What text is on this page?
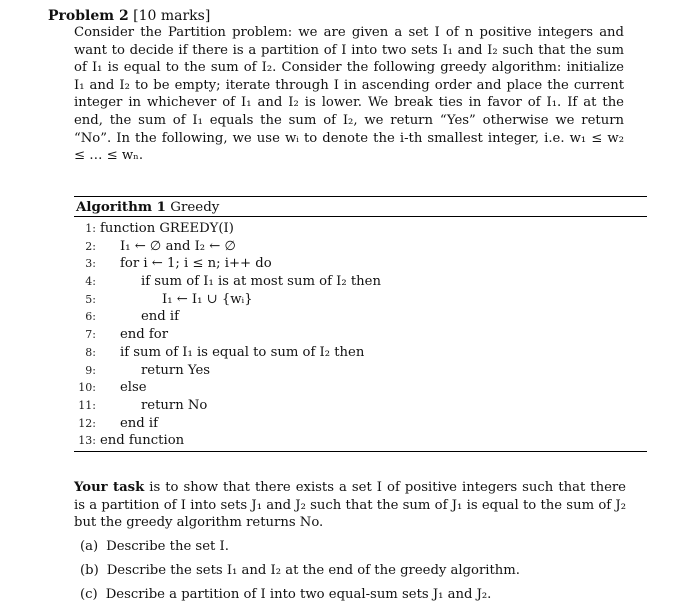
Problem 2 [10 marks]
Consider the Partition problem: we are given a set I of n positive integers and want to decide if there is a partition of I into two sets I₁ and I₂ such that the sum of I₁ is equal to the sum of I₂. Consider the following greedy algorithm: initialize I₁ and I₂ to be empty; iterate through I in ascending order and place the current integer in whichever of I₁ and I₂ is lower. We break ties in favor of I₁. If at the end, the sum of I₁ equals the sum of I₂, we return “Yes” otherwise we return “No”. In the following, we use wᵢ to denote the i-th smallest integer, i.e. w₁ ≤ w₂ ≤ … ≤ wₙ.
Algorithm 1 Greedy
1: function GREEDY(I)
2: I₁ ← ∅ and I₂ ← ∅
3: for i ← 1; i ≤ n; i++ do
4:	if sum of I₁ is at most sum of I₂ then
5:	I₁ ← I₁ ∪ {wᵢ}
6:	end if
7: end for
8: if sum of I₁ is equal to sum of I₂ then
9:	return Yes
10: else
11:	return No
12: end if
13: end function
Your task is to show that there exists a set I of positive integers such that there is a partition of I into sets J₁ and J₂ such that the sum of J₁ is equal to the sum of J₂ but the greedy algorithm returns No.
(a) Describe the set I.
(b) Describe the sets I₁ and I₂ at the end of the greedy algorithm.
(c) Describe a partition of I into two equal-sum sets J₁ and J₂.
